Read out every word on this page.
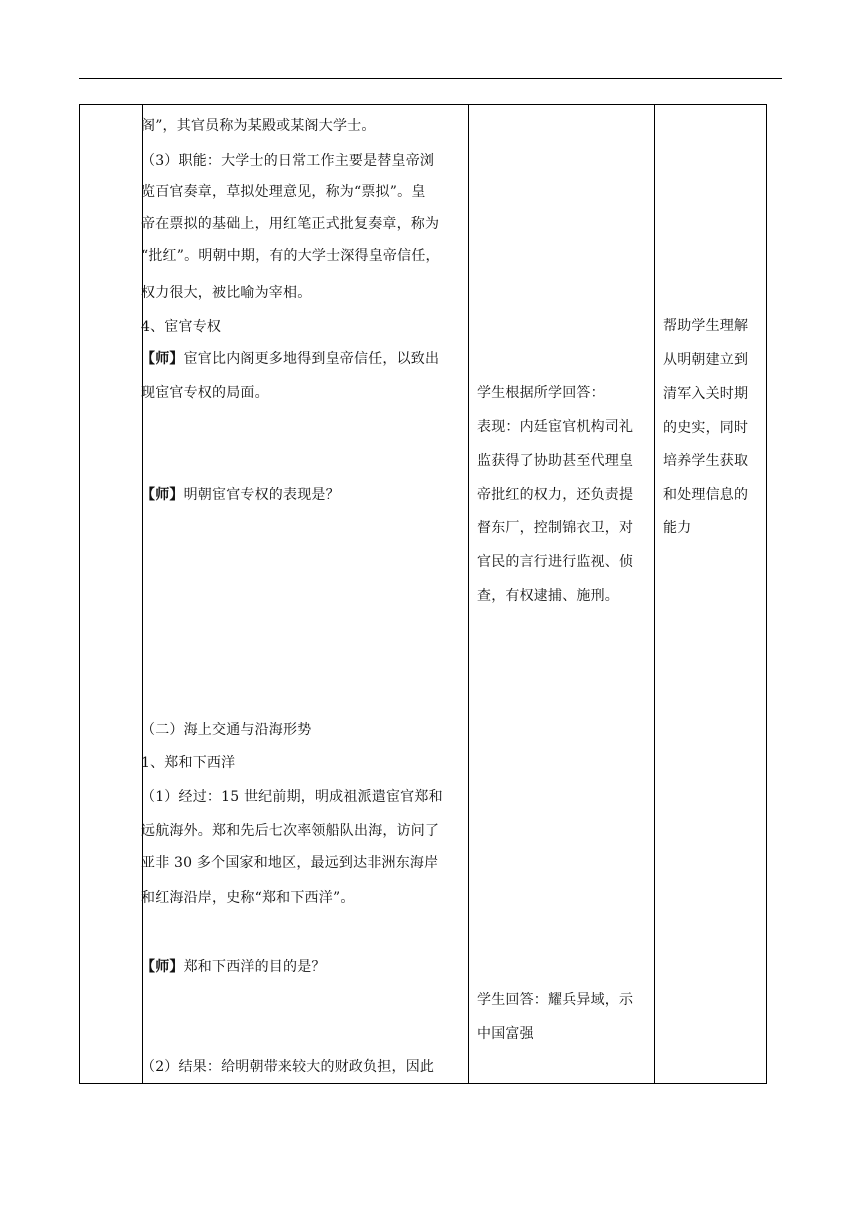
阁”，其官员称为某殿或某阁大学士。
（3）职能：大学士的日常工作主要是替皇帝浏
览百官奏章，草拟处理意见，称为“票拟”。皇
帝在票拟的基础上，用红笔正式批复奏章，称为
“批红”。明朝中期，有的大学士深得皇帝信任，
权力很大，被比喻为宰相。
4、宦官专权
【师】宦官比内阁更多地得到皇帝信任，以致出
现宦官专权的局面。
【师】明朝宦官专权的表现是？
（二）海上交通与沿海形势
1、郑和下西洋
（1）经过：15 世纪前期，明成祖派遣宦官郑和
远航海外。郑和先后七次率领船队出海，访问了
亚非 30 多个国家和地区，最远到达非洲东海岸
和红海沿岸，史称“郑和下西洋”。
【师】郑和下西洋的目的是？
（2）结果：给明朝带来较大的财政负担，因此
学生根据所学回答：
表现：内廷宦官机构司礼
监获得了协助甚至代理皇
帝批红的权力，还负责提
督东厂，控制锦衣卫，对
官民的言行进行监视、侦
查，有权逮捕、施刑。
学生回答：耀兵异域，示
中国富强
帮助学生理解
从明朝建立到
清军入关时期
的史实，同时
培养学生获取
和处理信息的
能力
